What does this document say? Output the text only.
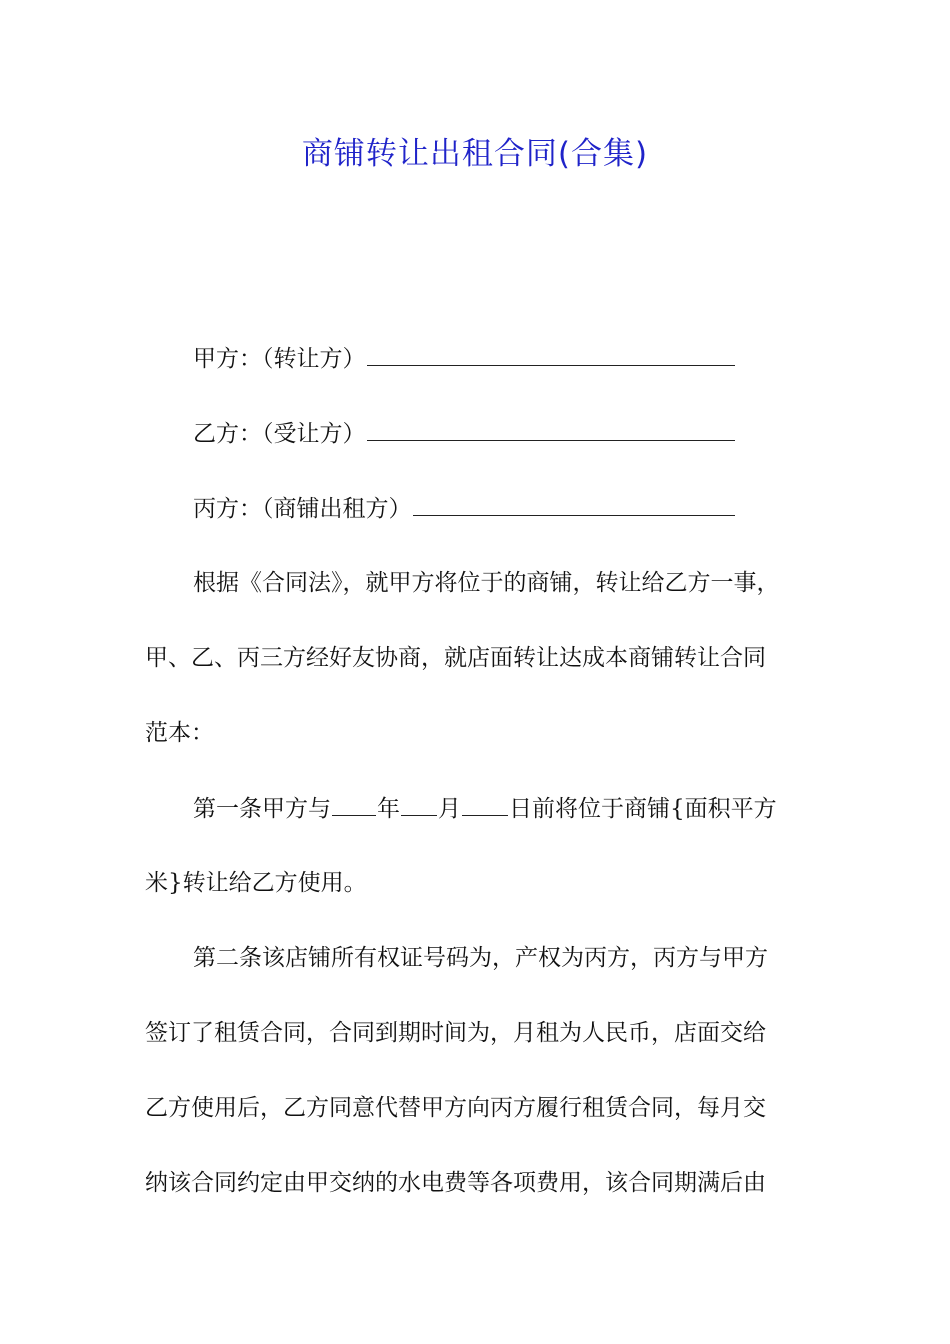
商铺转让出租合同(合集)

甲方：（转让方）

乙方：（受让方）

丙方：（商铺出租方）

根据《合同法》，就甲方将位于的商铺，转让给乙方一事，

甲、乙、丙三方经好友协商，就店面转让达成本商铺转让合同

范本：

第一条甲方与 年 月 日前将位于商铺{面积平方

米}转让给乙方使用。

第二条该店铺所有权证号码为，产权为丙方，丙方与甲方

签订了租赁合同，合同到期时间为，月租为人民币，店面交给

乙方使用后，乙方同意代替甲方向丙方履行租赁合同，每月交

纳该合同约定由甲交纳的水电费等各项费用，该合同期满后由
